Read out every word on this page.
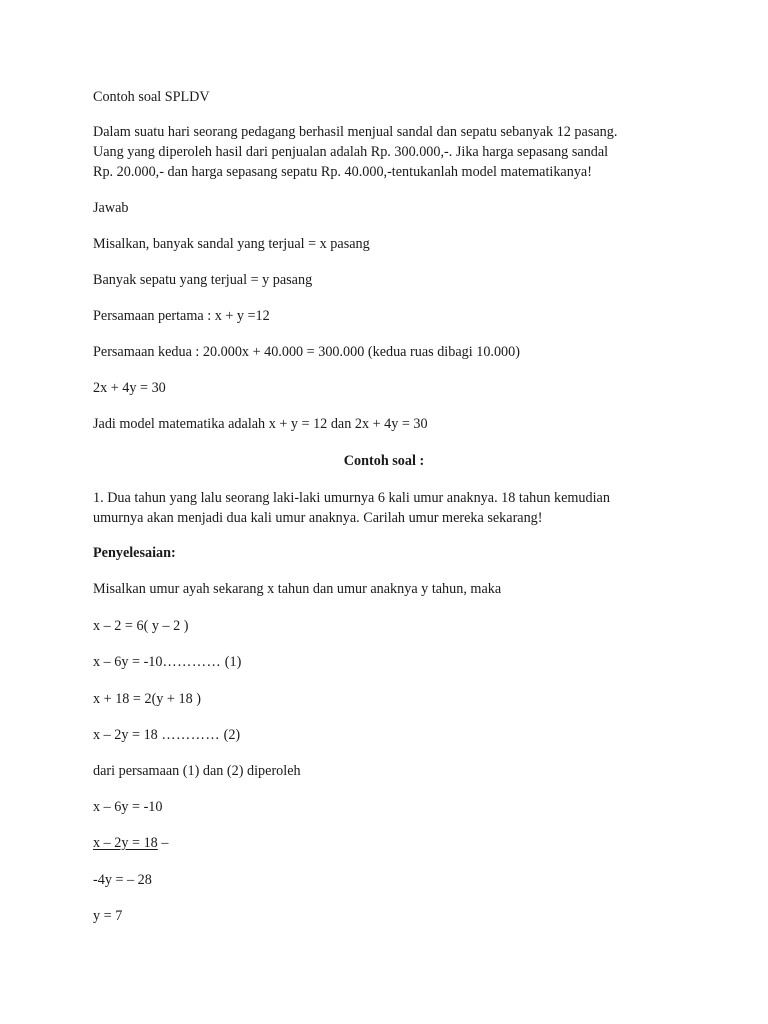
Contoh soal SPLDV

Dalam suatu hari seorang pedagang berhasil menjual sandal dan sepatu sebanyak 12 pasang.
Uang yang diperoleh hasil dari penjualan adalah Rp. 300.000,-. Jika harga sepasang sandal
Rp. 20.000,- dan harga sepasang sepatu Rp. 40.000,-tentukanlah model matematikanya!

Jawab

Misalkan, banyak sandal yang terjual = x pasang

Banyak sepatu yang terjual = y pasang

Persamaan pertama : x + y =12

Persamaan kedua : 20.000x + 40.000 = 300.000 (kedua ruas dibagi 10.000)

2x + 4y = 30

Jadi model matematika adalah x + y = 12 dan 2x + 4y = 30

Contoh soal :

1. Dua tahun yang lalu seorang laki-laki umurnya 6 kali umur anaknya. 18 tahun kemudian
umurnya akan menjadi dua kali umur anaknya. Carilah umur mereka sekarang!

Penyelesaian:

Misalkan umur ayah sekarang x tahun dan umur anaknya y tahun, maka

x – 2 = 6( y – 2 )

x – 6y = -10………… (1)

x + 18 = 2(y + 18 )

x – 2y = 18 ………… (2)

dari persamaan (1) dan (2) diperoleh

x – 6y = -10

x – 2y = 18 –

-4y = – 28

y = 7
